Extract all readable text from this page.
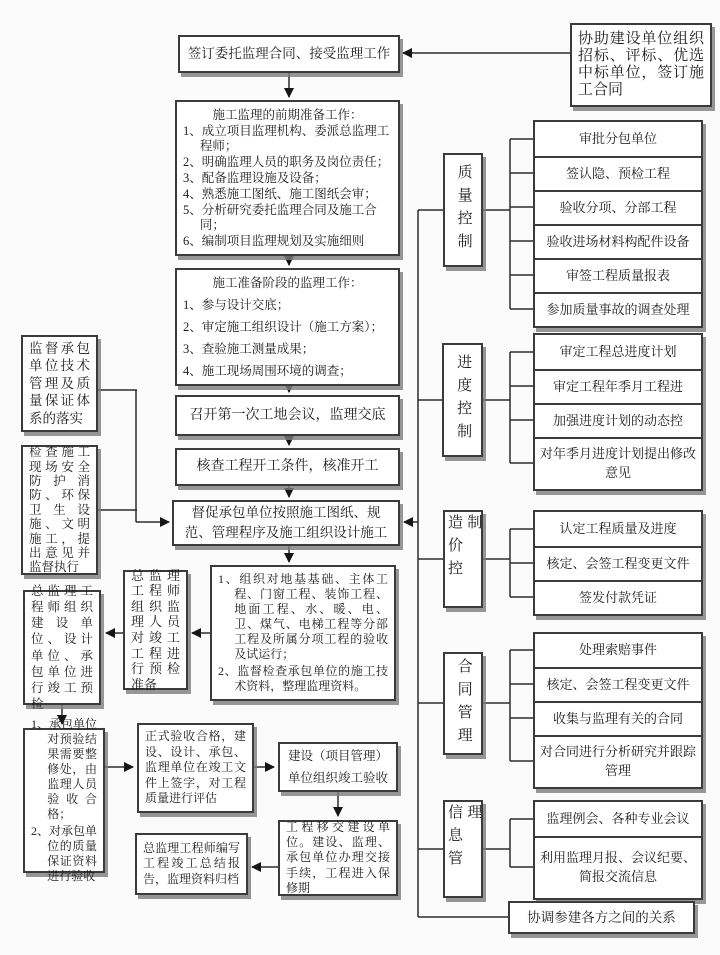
签订委托监理合同、接受监理工作
协助建设单位组织招标、评标、优选中标单位，签订施工合同
施工监理的前期准备工作：
1、成立项目监理机构、委派总监理工程师；
2、明确监理人员的职务及岗位责任；
3、配备监理设施及设备；
4、熟悉施工图纸、施工图纸会审；
5、分析研究委托监理合同及施工合同；
6、编制项目监理规划及实施细则
施工准备阶段的监理工作：
1、参与设计交底；
2、审定施工组织设计（施工方案）；
3、查验施工测量成果；
4、施工现场周围环境的调查；
召开第一次工地会议，监理交底
核查工程开工条件，核准开工
督促承包单位按照施工图纸、规范、管理程序及施工组织设计施工
1、组织对地基基础、主体工程、门窗工程、装饰工程、地面工程、水、暖、电、卫、煤气、电梯工程等分部工程及所属分项工程的验收及试运行；
2、监督检查承包单位的施工技术资料，整理监理资料。
监督承包单位技术管理及质量保证体系的落实
检查施工现场安全防护消防、环保卫生设施、文明施工，提出意见并监督执行
总监理工程师组织监理人员对竣工工程进行预检准备
总监理工程师组织建设单位、设计单位、承包单位进行竣工预检
1、承包单位对预验结果需要整修处，由监理人员验收合格；
2、对承包单位的质量保证资料进行验收
正式验收合格，建设、设计、承包、监理单位在竣工文件上签字，对工程质量进行评估
建设（项目管理）单位组织竣工验收
工程移交建设单位。建设、监理、承包单位办理交接手续，工程进入保修期
总监理工程师编写工程竣工总结报告，监理资料归档
质量控制
进度控制
造价控制
合同管理
信息管理
审批分包单位
签认隐、预检工程
验收分项、分部工程
验收进场材料构配件设备
审签工程质量报表
参加质量事故的调查处理
审定工程总进度计划
审定工程年季月工程进
加强进度计划的动态控
对年季月进度计划提出修改意见
认定工程质量及进度
核定、会签工程变更文件
签发付款凭证
处理索赔事件
核定、会签工程变更文件
收集与监理有关的合同
对合同进行分析研究并跟踪管理
监理例会、各种专业会议
利用监理月报、会议纪要、简报交流信息
协调参建各方之间的关系
